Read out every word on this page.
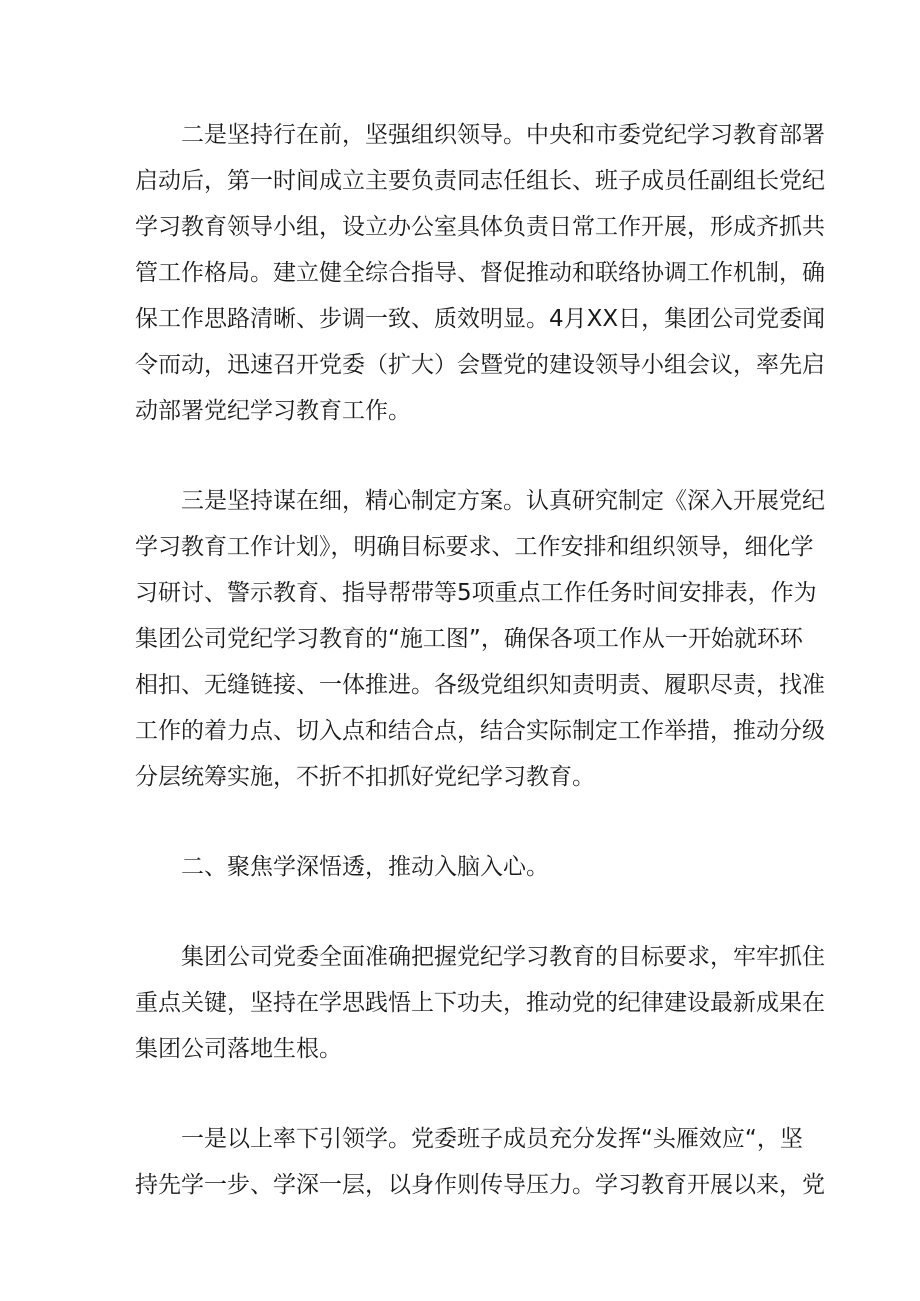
二是坚持行在前，坚强组织领导。中央和市委党纪学习教育部署
启动后，第一时间成立主要负责同志任组长、班子成员任副组长党纪
学习教育领导小组，设立办公室具体负责日常工作开展，形成齐抓共
管工作格局。建立健全综合指导、督促推动和联络协调工作机制，确
保工作思路清晰、步调一致、质效明显。4月XX日，集团公司党委闻
令而动，迅速召开党委（扩大）会暨党的建设领导小组会议，率先启
动部署党纪学习教育工作。

三是坚持谋在细，精心制定方案。认真研究制定《深入开展党纪
学习教育工作计划》，明确目标要求、工作安排和组织领导，细化学
习研讨、警示教育、指导帮带等5项重点工作任务时间安排表，作为
集团公司党纪学习教育的“施工图”，确保各项工作从一开始就环环
相扣、无缝链接、一体推进。各级党组织知责明责、履职尽责，找准
工作的着力点、切入点和结合点，结合实际制定工作举措，推动分级
分层统筹实施，不折不扣抓好党纪学习教育。

二、聚焦学深悟透，推动入脑入心。

集团公司党委全面准确把握党纪学习教育的目标要求，牢牢抓住
重点关键，坚持在学思践悟上下功夫，推动党的纪律建设最新成果在
集团公司落地生根。

一是以上率下引领学。党委班子成员充分发挥“头雁效应“，坚
持先学一步、学深一层，以身作则传导压力。学习教育开展以来，党
